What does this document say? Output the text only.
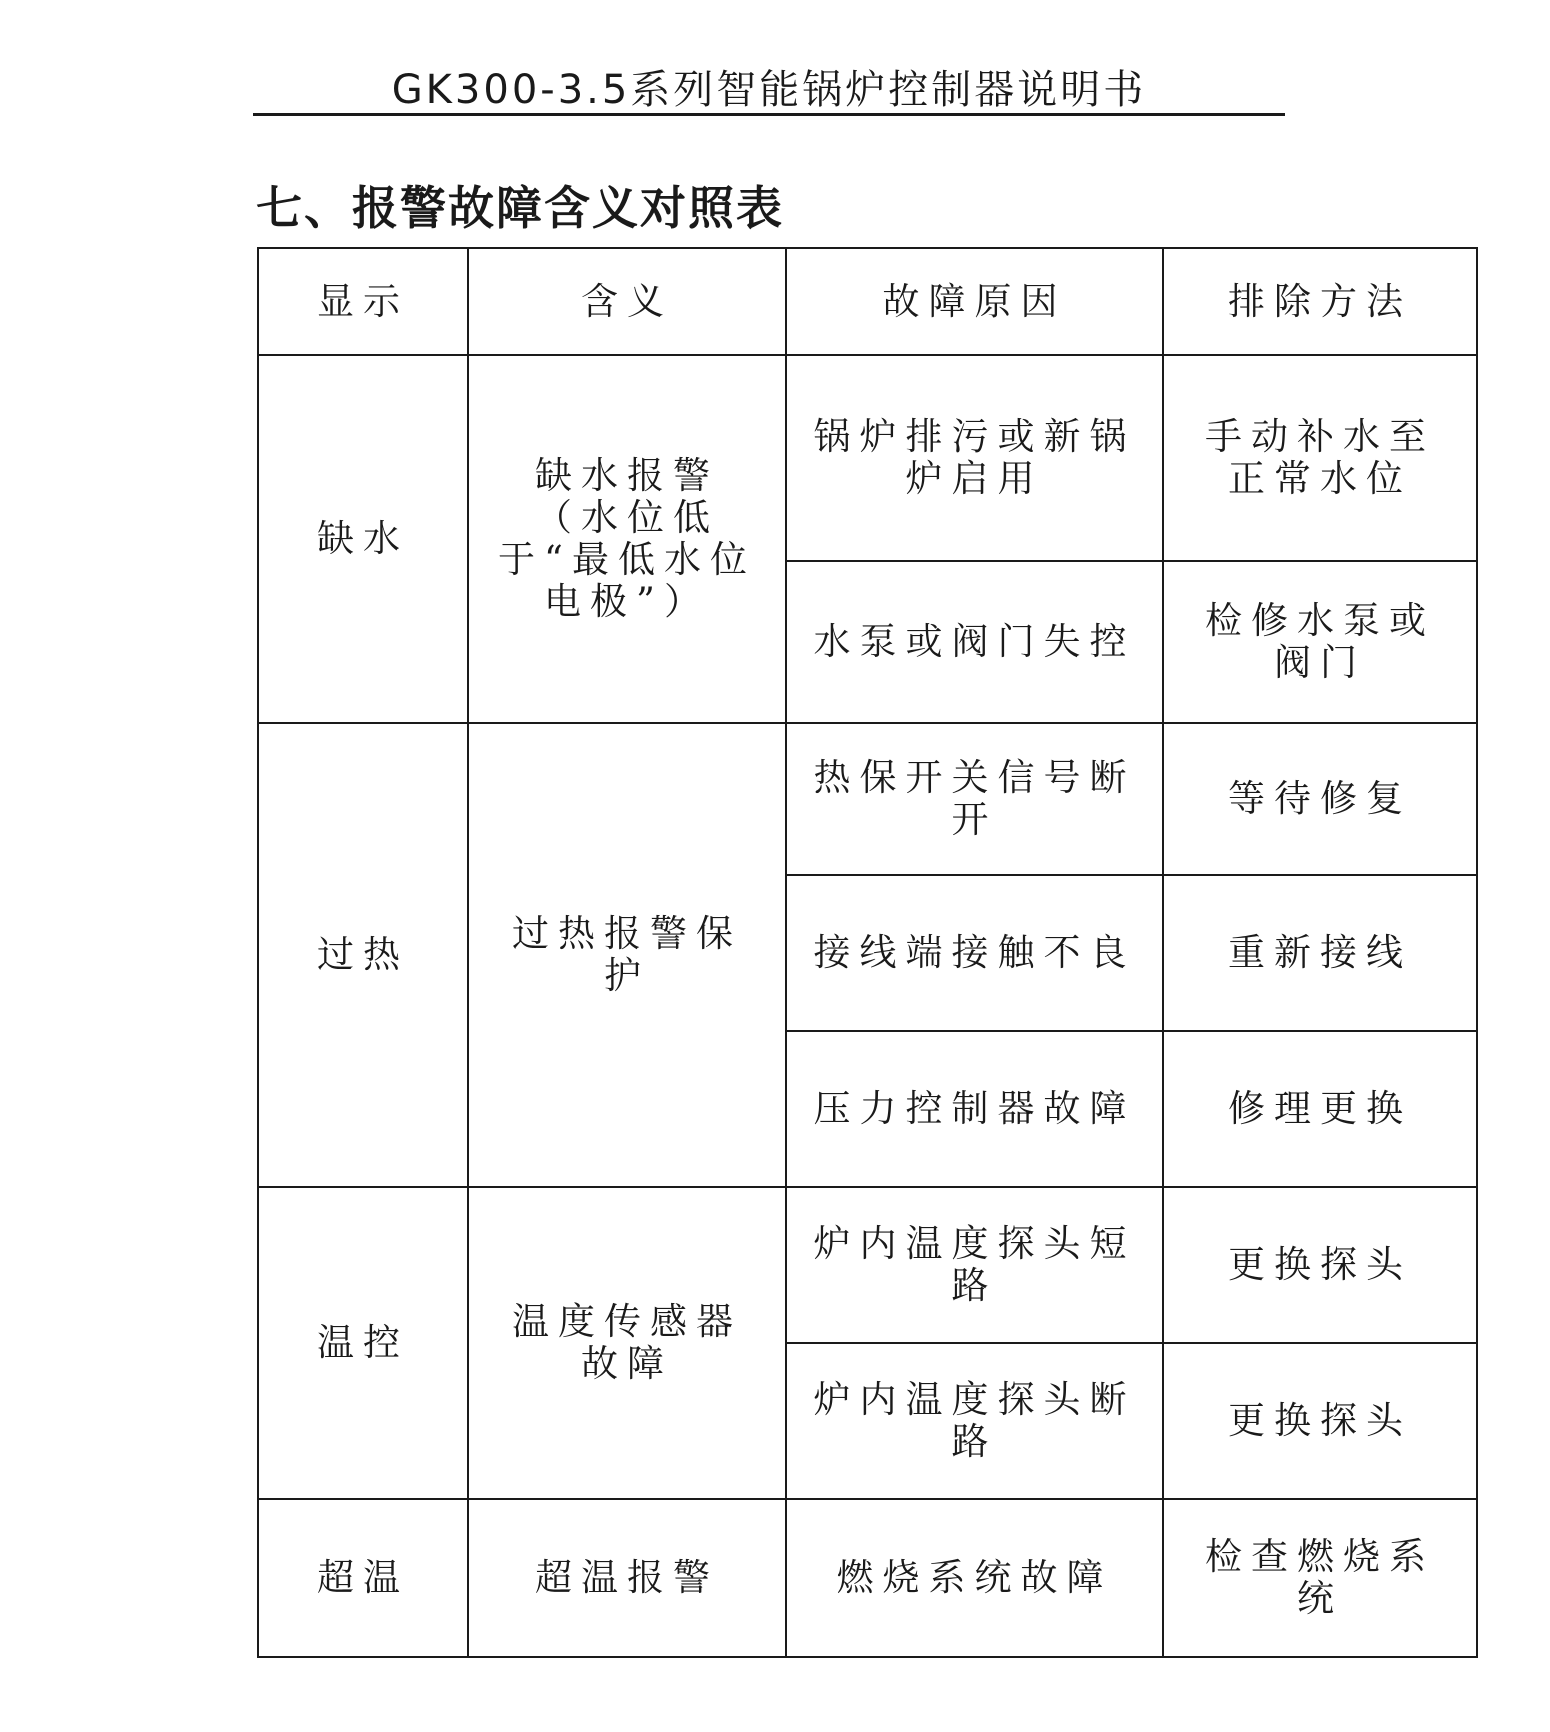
GK300-3.5系列智能锅炉控制器说明书
七、报警故障含义对照表
显示	含义	故障原因	排除方法
缺水	缺水报警（水位低于“最低水位电极”）	锅炉排污或新锅炉启用	手动补水至正常水位
		水泵或阀门失控	检修水泵或阀门
过热	过热报警保护	热保开关信号断开	等待修复
		接线端接触不良	重新接线
		压力控制器故障	修理更换
温控	温度传感器故障	炉内温度探头短路	更换探头
		炉内温度探头断路	更换探头
超温	超温报警	燃烧系统故障	检查燃烧系统
